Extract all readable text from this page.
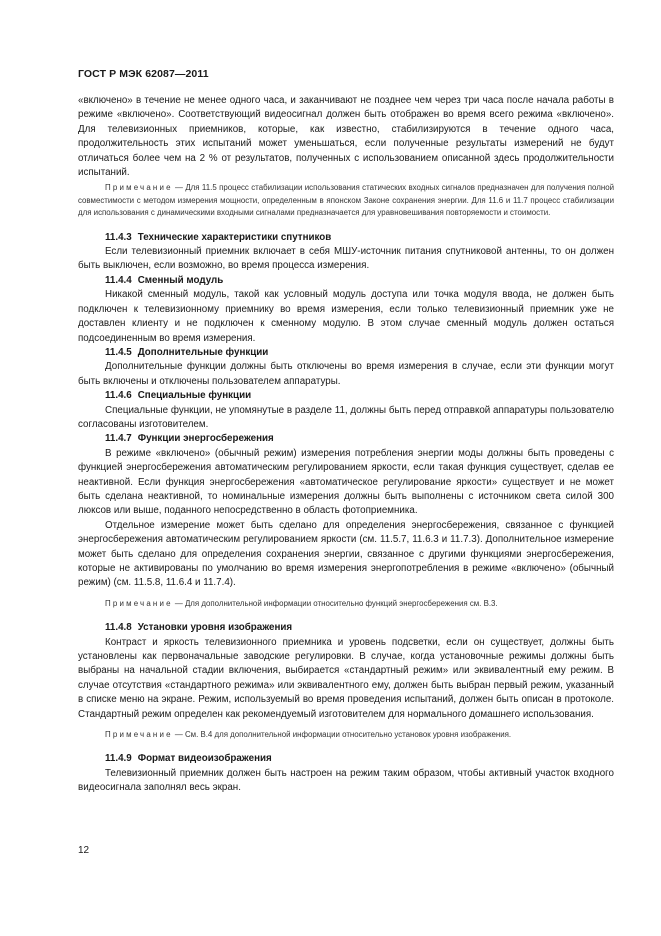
ГОСТ Р МЭК 62087—2011

«включено» в течение не менее одного часа, и заканчивают не позднее чем через три часа после начала работы в режиме «включено». Соответствующий видеосигнал должен быть отображен во время всего режима «включено». Для телевизионных приемников, которые, как известно, стабилизируются в течение одного часа, продолжительность этих испытаний может уменьшаться, если полученные результаты измерений не будут отличаться более чем на 2 % от результатов, полученных с использованием описанной здесь продолжительности испытаний.

Примечание — Для 11.5 процесс стабилизации использования статических входных сигналов предназначен для получения полной совместимости с методом измерения мощности, определенным в японском Законе сохранения энергии. Для 11.6 и 11.7 процесс стабилизации для использования с динамическими входными сигналами предназначается для уравновешивания повторяемости и стоимости.

11.4.3 Технические характеристики спутников

Если телевизионный приемник включает в себя МШУ-источник питания спутниковой антенны, то он должен быть выключен, если возможно, во время процесса измерения.

11.4.4 Сменный модуль

Никакой сменный модуль, такой как условный модуль доступа или точка модуля ввода, не должен быть подключен к телевизионному приемнику во время измерения, если только телевизионный приемник уже не доставлен клиенту и не подключен к сменному модулю. В этом случае сменный модуль должен остаться подсоединенным во время измерения.

11.4.5 Дополнительные функции

Дополнительные функции должны быть отключены во время измерения в случае, если эти функции могут быть включены и отключены пользователем аппаратуры.

11.4.6 Специальные функции

Специальные функции, не упомянутые в разделе 11, должны быть перед отправкой аппаратуры пользователю согласованы изготовителем.

11.4.7 Функции энергосбережения

В режиме «включено» (обычный режим) измерения потребления энергии моды должны быть проведены с функцией энергосбережения автоматическим регулированием яркости, если такая функция существует, сделав ее неактивной. Если функция энергосбережения «автоматическое регулирование яркости» существует и не может быть сделана неактивной, то номинальные измерения должны быть выполнены с источником света силой 300 люксов или выше, поданного непосредственно в область фотоприемника.

Отдельное измерение может быть сделано для определения энергосбережения, связанное с функцией энергосбережения автоматическим регулированием яркости (см. 11.5.7, 11.6.3 и 11.7.3). Дополнительное измерение может быть сделано для определения сохранения энергии, связанное с другими функциями энергосбережения, которые не активированы по умолчанию во время измерения энергопотребления в режиме «включено» (обычный режим) (см. 11.5.8, 11.6.4 и 11.7.4).

Примечание — Для дополнительной информации относительно функций энергосбережения см. В.3.

11.4.8 Установки уровня изображения

Контраст и яркость телевизионного приемника и уровень подсветки, если он существует, должны быть установлены как первоначальные заводские регулировки. В случае, когда установочные режимы должны быть выбраны на начальной стадии включения, выбирается «стандартный режим» или эквивалентный ему режим. В случае отсутствия «стандартного режима» или эквивалентного ему, должен быть выбран первый режим, указанный в списке меню на экране. Режим, используемый во время проведения испытаний, должен быть описан в протоколе. Стандартный режим определен как рекомендуемый изготовителем для нормального домашнего использования.

Примечание — См. В.4 для дополнительной информации относительно установок уровня изображения.

11.4.9 Формат видеоизображения

Телевизионный приемник должен быть настроен на режим таким образом, чтобы активный участок входного видеосигнала заполнял весь экран.

12
